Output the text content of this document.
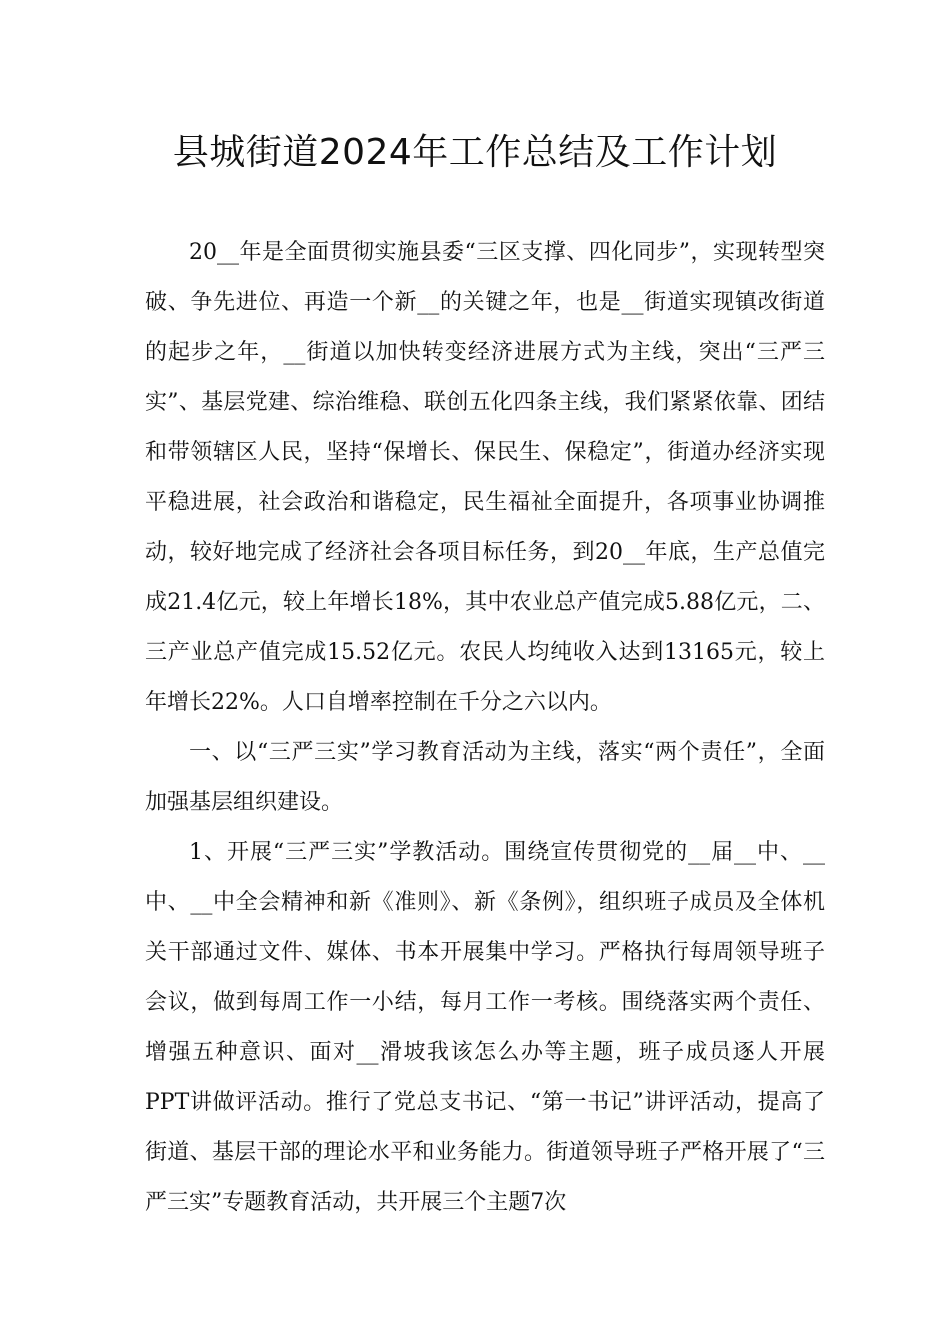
县城街道2024年工作总结及工作计划

20__年是全面贯彻实施县委“三区支撑、四化同步”，实现转型突破、争先进位、再造一个新__的关键之年，也是__街道实现镇改街道的起步之年，__街道以加快转变经济进展方式为主线，突出“三严三实”、基层党建、综治维稳、联创五化四条主线，我们紧紧依靠、团结和带领辖区人民，坚持“保增长、保民生、保稳定”，街道办经济实现平稳进展，社会政治和谐稳定，民生福祉全面提升，各项事业协调推动，较好地完成了经济社会各项目标任务，到20__年底，生产总值完成21.4亿元，较上年增长18%，其中农业总产值完成5.88亿元，二、三产业总产值完成15.52亿元。农民人均纯收入达到13165元，较上年增长22%。人口自增率控制在千分之六以内。

一、以“三严三实”学习教育活动为主线，落实“两个责任”，全面加强基层组织建设。

1、开展“三严三实”学教活动。围绕宣传贯彻党的__届__中、__中、__中全会精神和新《准则》、新《条例》，组织班子成员及全体机关干部通过文件、媒体、书本开展集中学习。严格执行每周领导班子会议，做到每周工作一小结，每月工作一考核。围绕落实两个责任、增强五种意识、面对__滑坡我该怎么办等主题，班子成员逐人开展PPT讲做评活动。推行了党总支书记、“第一书记”讲评活动，提高了街道、基层干部的理论水平和业务能力。街道领导班子严格开展了“三严三实”专题教育活动，共开展三个主题7次
